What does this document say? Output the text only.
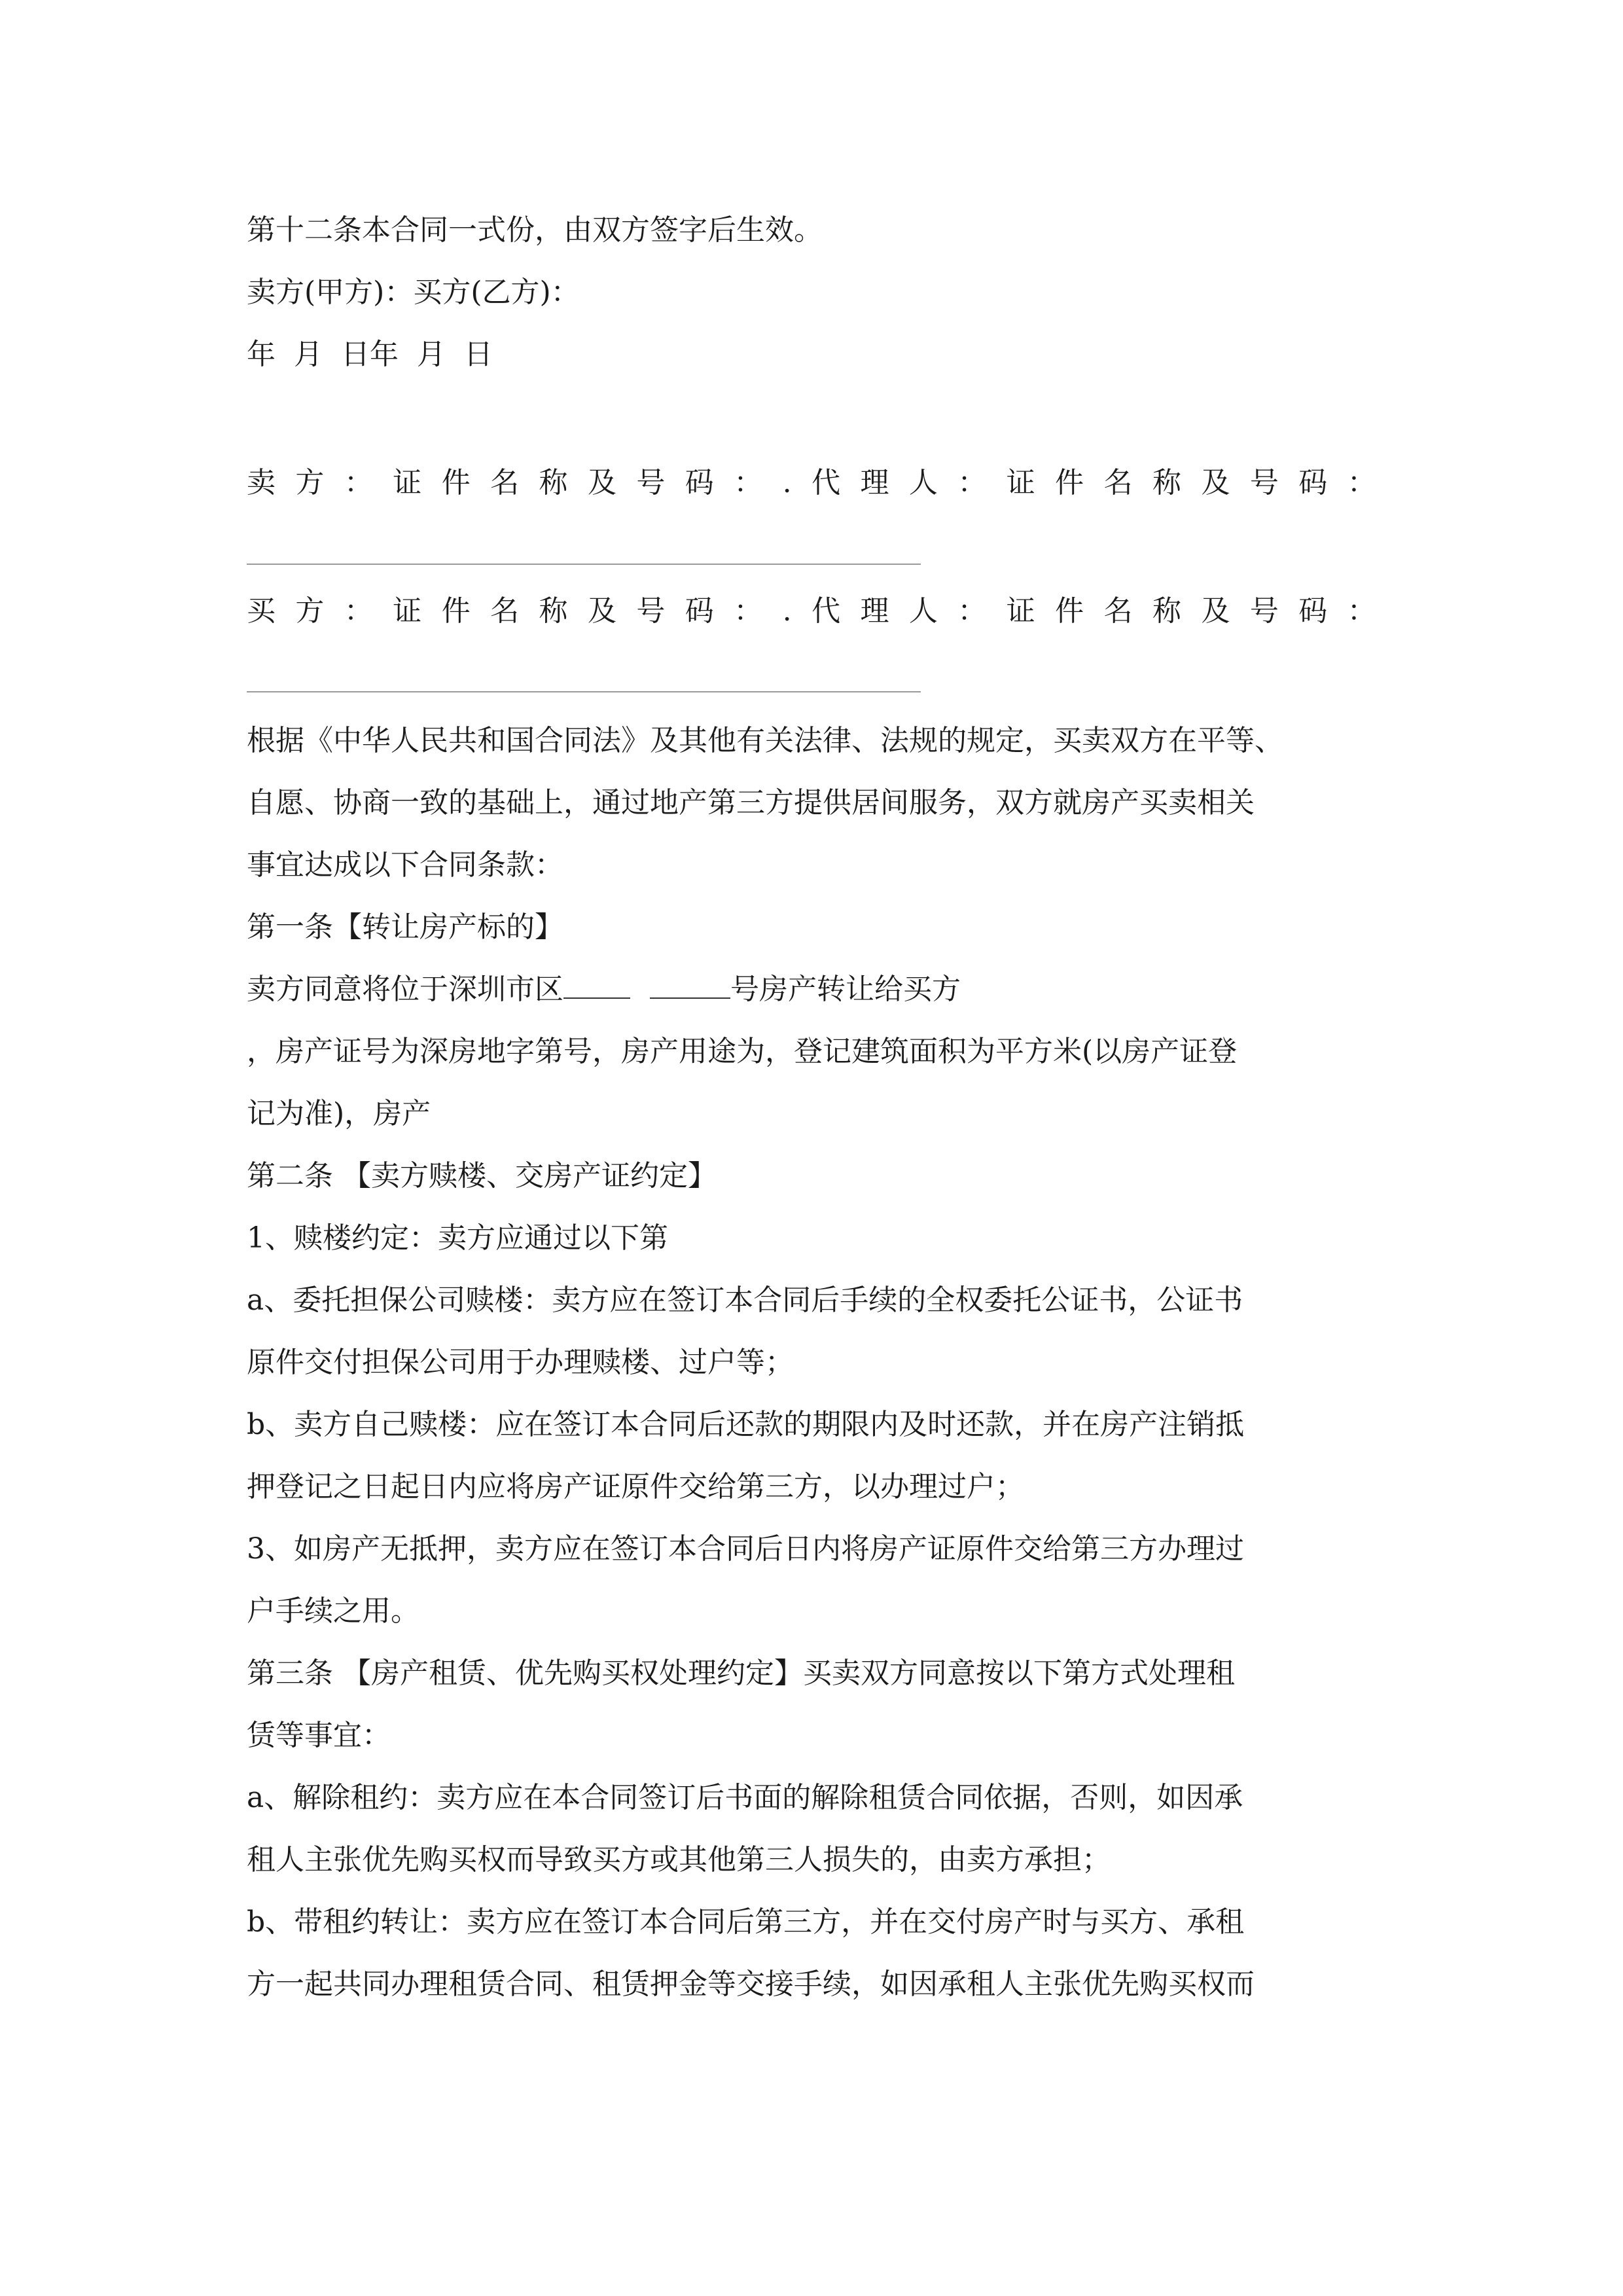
第十二条本合同一式份，由双方签字后生效。
卖方(甲方)：买方(乙方)：
年  月  日年  月  日
卖 方 ： 证 件 名 称 及 号 码 ： . 代 理 人 ： 证 件 名 称 及 号 码 ：
买 方 ： 证 件 名 称 及 号 码 ： . 代 理 人 ： 证 件 名 称 及 号 码 ：
根据《中华人民共和国合同法》及其他有关法律、法规的规定，买卖双方在平等、
自愿、协商一致的基础上，通过地产第三方提供居间服务，双方就房产买卖相关
事宜达成以下合同条款：
第一条【转让房产标的】
卖方同意将位于深圳市区	号房产转让给买方
，房产证号为深房地字第号，房产用途为，登记建筑面积为平方米(以房产证登
记为准)，房产
第二条 【卖方赎楼、交房产证约定】
1、赎楼约定：卖方应通过以下第
a、委托担保公司赎楼：卖方应在签订本合同后手续的全权委托公证书，公证书
原件交付担保公司用于办理赎楼、过户等；
b、卖方自己赎楼：应在签订本合同后还款的期限内及时还款，并在房产注销抵
押登记之日起日内应将房产证原件交给第三方，以办理过户；
3、如房产无抵押，卖方应在签订本合同后日内将房产证原件交给第三方办理过
户手续之用。
第三条 【房产租赁、优先购买权处理约定】买卖双方同意按以下第方式处理租
赁等事宜：
a、解除租约：卖方应在本合同签订后书面的解除租赁合同依据，否则，如因承
租人主张优先购买权而导致买方或其他第三人损失的，由卖方承担；
b、带租约转让：卖方应在签订本合同后第三方，并在交付房产时与买方、承租
方一起共同办理租赁合同、租赁押金等交接手续，如因承租人主张优先购买权而
